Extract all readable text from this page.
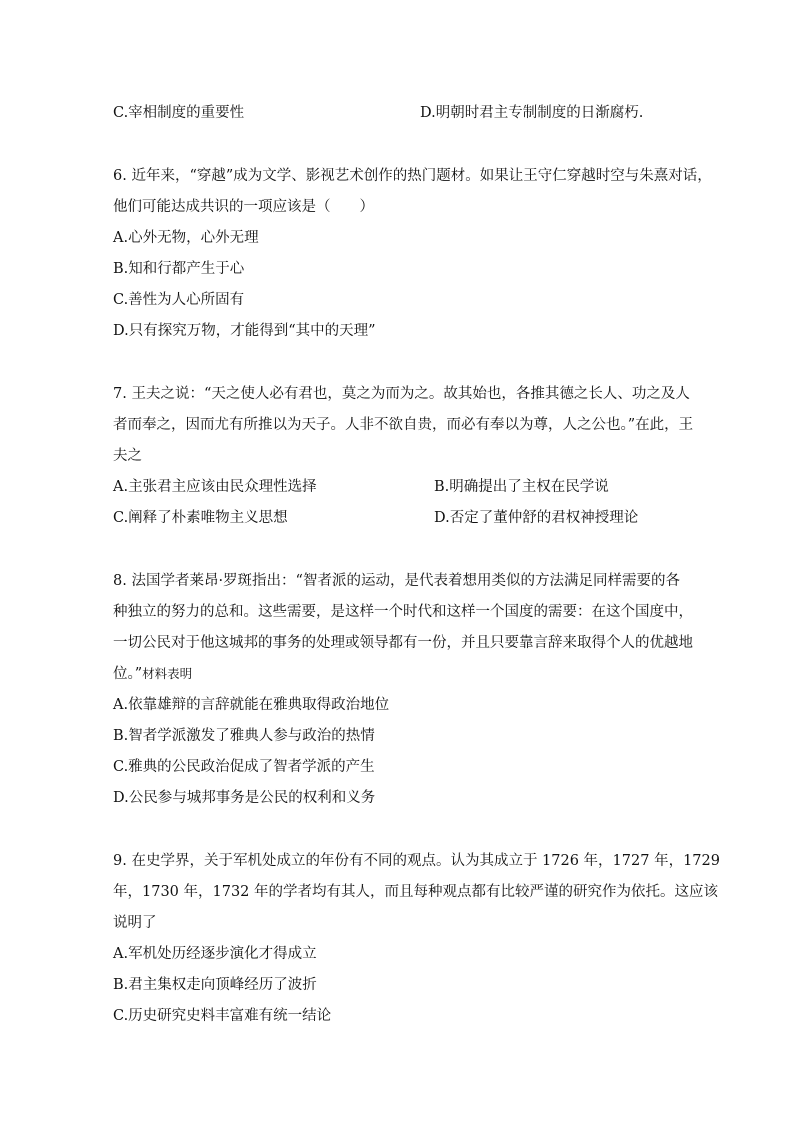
C.宰相制度的重要性	D.明朝时君主专制制度的日渐腐朽.
6. 近年来，“穿越”成为文学、影视艺术创作的热门题材。如果让王守仁穿越时空与朱熹对话，
他们可能达成共识的一项应该是（　　）
A.心外无物，心外无理
B.知和行都产生于心
C.善性为人心所固有
D.只有探究万物，才能得到“其中的天理”
7. 王夫之说：“天之使人必有君也，莫之为而为之。故其始也，各推其德之长人、功之及人
者而奉之，因而尤有所推以为天子。人非不欲自贵，而必有奉以为尊，人之公也。”在此，王
夫之
A.主张君主应该由民众理性选择	B.明确提出了主权在民学说
C.阐释了朴素唯物主义思想	D.否定了董仲舒的君权神授理论
8. 法国学者莱昂·罗斑指出：“智者派的运动，是代表着想用类似的方法满足同样需要的各
种独立的努力的总和。这些需要，是这样一个时代和这样一个国度的需要：在这个国度中，
一切公民对于他这城邦的事务的处理或领导都有一份，并且只要靠言辞来取得个人的优越地
位。”材料表明
A.依靠雄辩的言辞就能在雅典取得政治地位
B.智者学派激发了雅典人参与政治的热情
C.雅典的公民政治促成了智者学派的产生
D.公民参与城邦事务是公民的权利和义务
9. 在史学界，关于军机处成立的年份有不同的观点。认为其成立于 1726 年，1727 年，1729
年，1730 年，1732 年的学者均有其人，而且每种观点都有比较严谨的研究作为依托。这应该
说明了
A.军机处历经逐步演化才得成立
B.君主集权走向顶峰经历了波折
C.历史研究史料丰富难有统一结论
